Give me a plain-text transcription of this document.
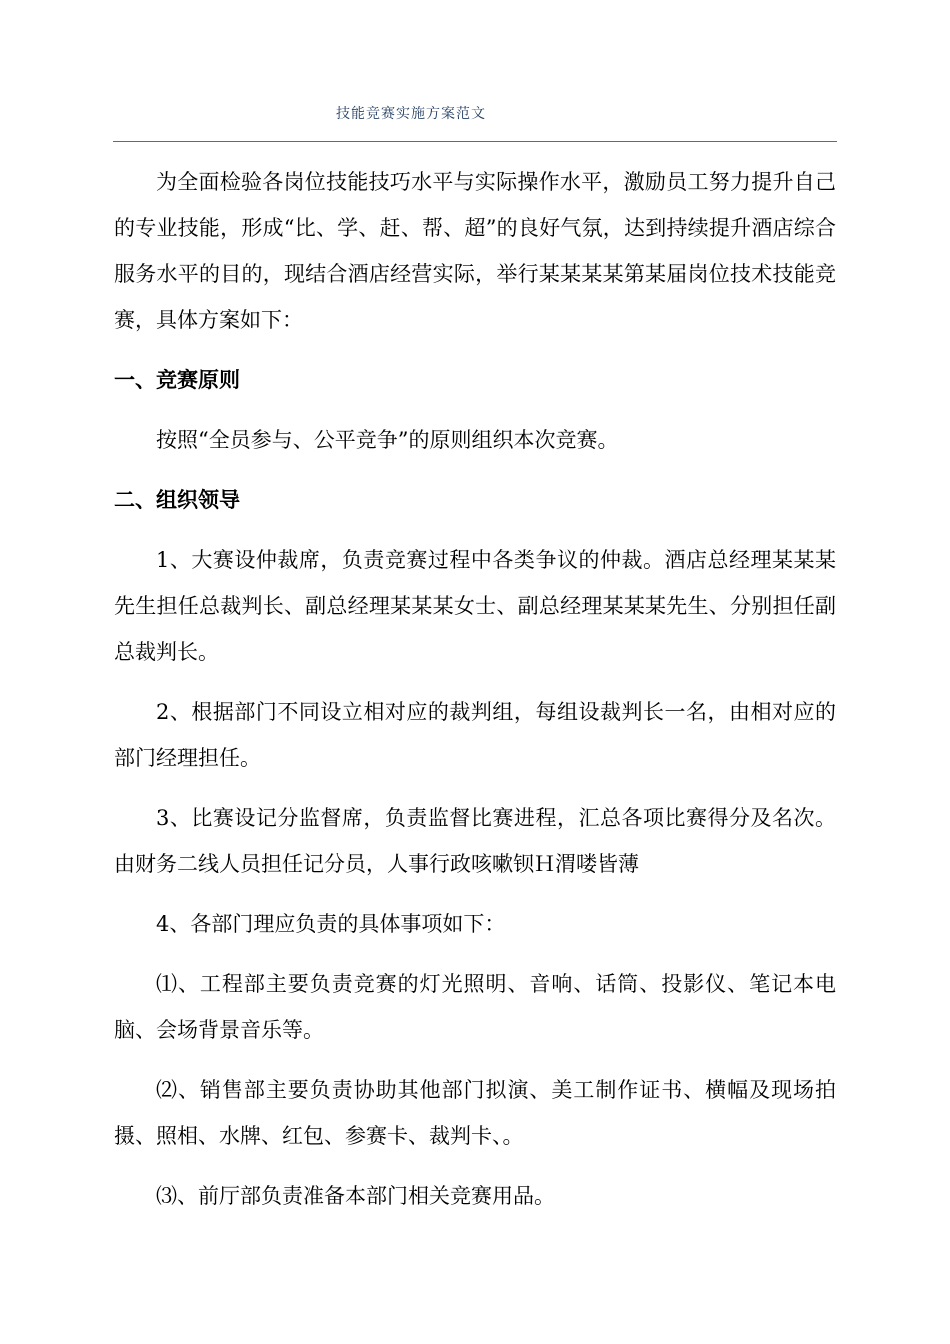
技能竞赛实施方案范文

为全面检验各岗位技能技巧水平与实际操作水平，激励员工努力提升自己的专业技能，形成“比、学、赶、帮、超”的良好气氛，达到持续提升酒店综合服务水平的目的，现结合酒店经营实际，举行某某某某第某届岗位技术技能竞赛，具体方案如下：

一、竞赛原则

按照“全员参与、公平竞争”的原则组织本次竞赛。

二、组织领导

1、大赛设仲裁席，负责竞赛过程中各类争议的仲裁。酒店总经理某某某先生担任总裁判长、副总经理某某某女士、副总经理某某某先生、分别担任副总裁判长。

2、根据部门不同设立相对应的裁判组，每组设裁判长一名，由相对应的部门经理担任。

3、比赛设记分监督席，负责监督比赛进程，汇总各项比赛得分及名次。由财务二线人员担任记分员，人事行政咳嗽钡Ｈ渭喽皆薄

4、各部门理应负责的具体事项如下：

⑴、工程部主要负责竞赛的灯光照明、音响、话筒、投影仪、笔记本电脑、会场背景音乐等。

⑵、销售部主要负责协助其他部门拟演、美工制作证书、横幅及现场拍摄、照相、水牌、红包、参赛卡、裁判卡、。

⑶、前厅部负责准备本部门相关竞赛用品。
